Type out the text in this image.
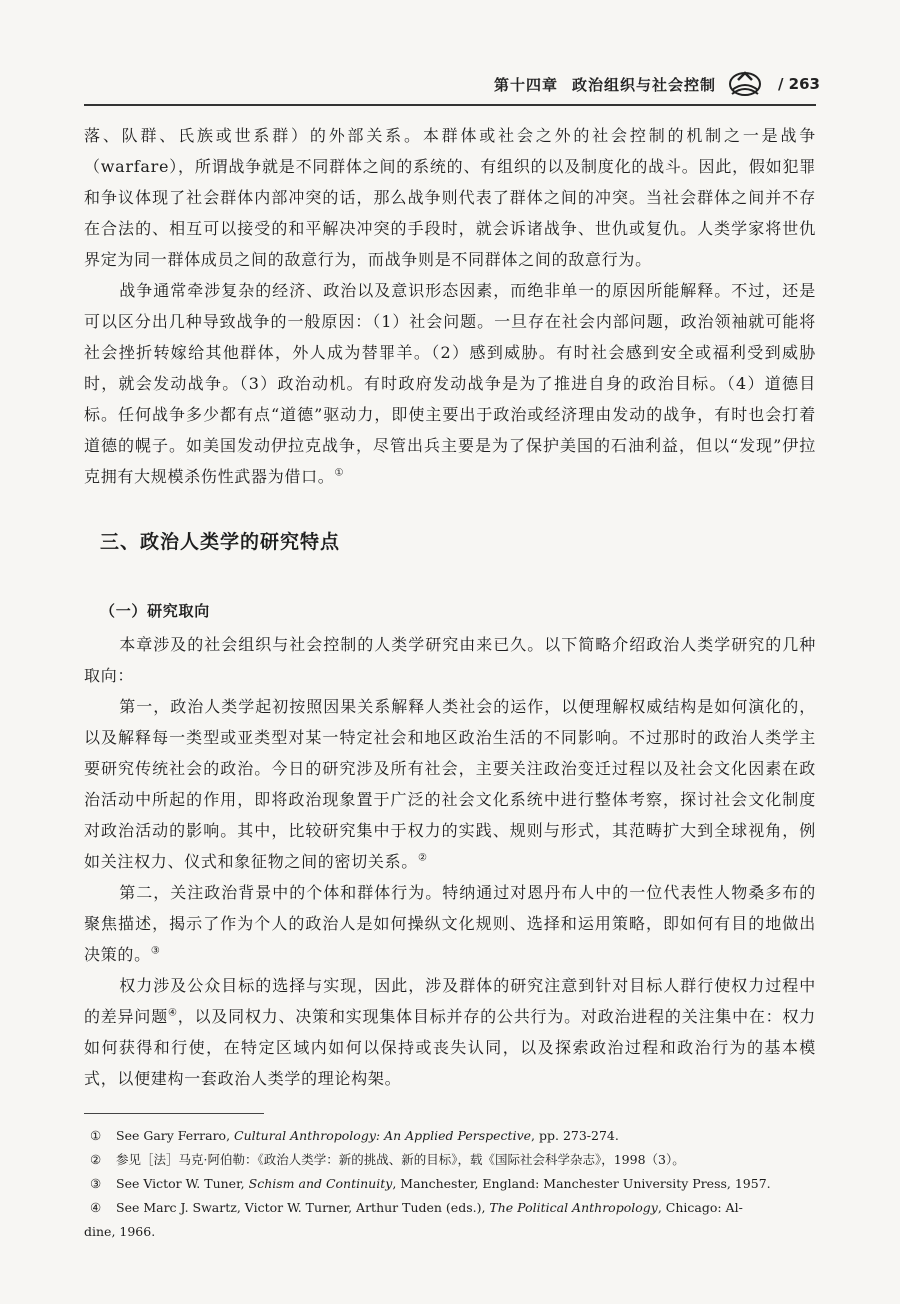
第十四章 政治组织与社会控制	/ 263

落、队群、氏族或世系群）的外部关系。本群体或社会之外的社会控制的机制之一是战争（warfare），所谓战争就是不同群体之间的系统的、有组织的以及制度化的战斗。因此，假如犯罪和争议体现了社会群体内部冲突的话，那么战争则代表了群体之间的冲突。当社会群体之间并不存在合法的、相互可以接受的和平解决冲突的手段时，就会诉诸战争、世仇或复仇。人类学家将世仇界定为同一群体成员之间的敌意行为，而战争则是不同群体之间的敌意行为。

战争通常牵涉复杂的经济、政治以及意识形态因素，而绝非单一的原因所能解释。不过，还是可以区分出几种导致战争的一般原因：（1）社会问题。一旦存在社会内部问题，政治领袖就可能将社会挫折转嫁给其他群体，外人成为替罪羊。（2）感到威胁。有时社会感到安全或福利受到威胁时，就会发动战争。（3）政治动机。有时政府发动战争是为了推进自身的政治目标。（4）道德目标。任何战争多少都有点“道德”驱动力，即使主要出于政治或经济理由发动的战争，有时也会打着道德的幌子。如美国发动伊拉克战争，尽管出兵主要是为了保护美国的石油利益，但以“发现”伊拉克拥有大规模杀伤性武器为借口。①

三、政治人类学的研究特点
（一）研究取向

本章涉及的社会组织与社会控制的人类学研究由来已久。以下简略介绍政治人类学研究的几种取向：

第一，政治人类学起初按照因果关系解释人类社会的运作，以便理解权威结构是如何演化的，以及解释每一类型或亚类型对某一特定社会和地区政治生活的不同影响。不过那时的政治人类学主要研究传统社会的政治。今日的研究涉及所有社会，主要关注政治变迁过程以及社会文化因素在政治活动中所起的作用，即将政治现象置于广泛的社会文化系统中进行整体考察，探讨社会文化制度对政治活动的影响。其中，比较研究集中于权力的实践、规则与形式，其范畴扩大到全球视角，例如关注权力、仪式和象征物之间的密切关系。②

第二，关注政治背景中的个体和群体行为。特纳通过对恩丹布人中的一位代表性人物桑多布的聚焦描述，揭示了作为个人的政治人是如何操纵文化规则、选择和运用策略，即如何有目的地做出决策的。③

权力涉及公众目标的选择与实现，因此，涉及群体的研究注意到针对目标人群行使权力过程中的差异问题④，以及同权力、决策和实现集体目标并存的公共行为。对政治进程的关注集中在：权力如何获得和行使，在特定区域内如何以保持或丧失认同，以及探索政治过程和政治行为的基本模式，以便建构一套政治人类学的理论构架。

①	See Gary Ferraro, Cultural Anthropology: An Applied Perspective, pp. 273-274.
②	参见［法］马克·阿伯勒：《政治人类学：新的挑战、新的目标》，载《国际社会科学杂志》，1998（3）。
③	See Victor W. Tuner, Schism and Continuity, Manchester, England: Manchester University Press, 1957.
④	See Marc J. Swartz, Victor W. Turner, Arthur Tuden (eds.), The Political Anthropology, Chicago: Al-
dine, 1966.
